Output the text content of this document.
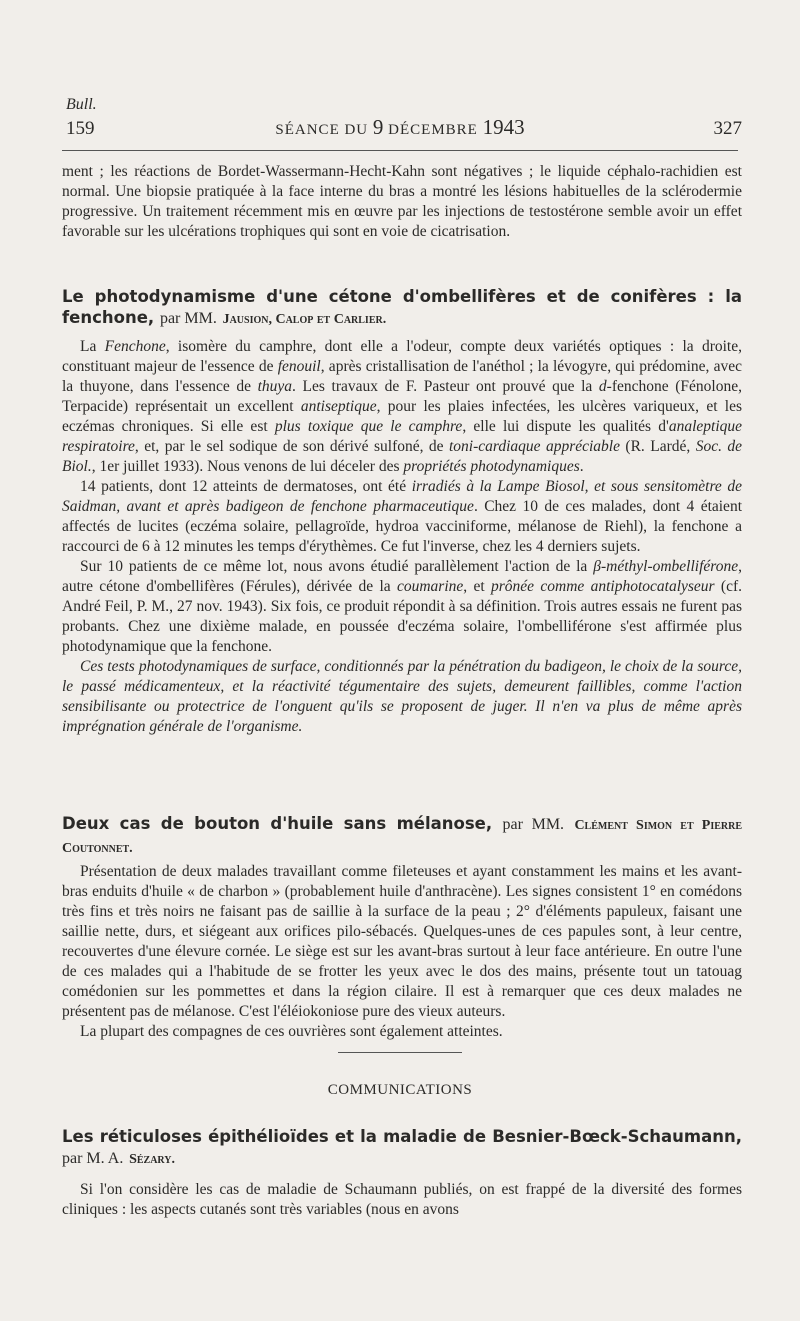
Bull.
159	SÉANCE DU 9 DÉCEMBRE 1943	327

ment ; les réactions de Bordet-Wassermann-Hecht-Kahn sont négatives ; le liquide céphalo-rachidien est normal. Une biopsie pratiquée à la face interne du bras a montré les lésions habituelles de la sclérodermie progressive. Un traitement récemment mis en œuvre par les injections de testostérone semble avoir un effet favorable sur les ulcérations trophiques qui sont en voie de cicatrisation.

Le photodynamisme d'une cétone d'ombellifères et de conifères : la fenchone, par MM. Jausion, Calop et Carlier.

La Fenchone, isomère du camphre, dont elle a l'odeur, compte deux variétés optiques : la droite, constituant majeur de l'essence de fenouil, après cristallisation de l'anéthol ; la lévogyre, qui prédomine, avec la thuyone, dans l'essence de thuya. Les travaux de F. Pasteur ont prouvé que la d-fenchone (Fénolone, Terpacide) représentait un excellent antiseptique, pour les plaies infectées, les ulcères variqueux, et les eczémas chroniques. Si elle est plus toxique que le camphre, elle lui dispute les qualités d'analeptique respiratoire, et, par le sel sodique de son dérivé sulfoné, de toni-cardiaque appréciable (R. Lardé, Soc. de Biol., 1er juillet 1933). Nous venons de lui déceler des propriétés photodynamiques.

14 patients, dont 12 atteints de dermatoses, ont été irradiés à la Lampe Biosol, et sous sensitomètre de Saidman, avant et après badigeon de fenchone pharmaceutique. Chez 10 de ces malades, dont 4 étaient affectés de lucites (eczéma solaire, pellagroïde, hydroa vacciniforme, mélanose de Riehl), la fenchone a raccourci de 6 à 12 minutes les temps d'érythèmes. Ce fut l'inverse, chez les 4 derniers sujets.

Sur 10 patients de ce même lot, nous avons étudié parallèlement l'action de la β-méthyl-ombelliférone, autre cétone d'ombellifères (Férules), dérivée de la coumarine, et prônée comme antiphotocatalyseur (cf. André Feil, P. M., 27 nov. 1943). Six fois, ce produit répondit à sa définition. Trois autres essais ne furent pas probants. Chez une dixième malade, en poussée d'eczéma solaire, l'ombelliférone s'est affirmée plus photodynamique que la fenchone.

Ces tests photodynamiques de surface, conditionnés par la pénétration du badigeon, le choix de la source, le passé médicamenteux, et la réactivité tégumentaire des sujets, demeurent faillibles, comme l'action sensibilisante ou protectrice de l'onguent qu'ils se proposent de juger. Il n'en va plus de même après imprégnation générale de l'organisme.

Deux cas de bouton d'huile sans mélanose, par MM. Clément Simon et Pierre Coutonnet.

Présentation de deux malades travaillant comme fileteuses et ayant constamment les mains et les avant-bras enduits d'huile « de charbon » (probablement huile d'anthracène). Les signes consistent 1° en comédons très fins et très noirs ne faisant pas de saillie à la surface de la peau ; 2° d'éléments papuleux, faisant une saillie nette, durs, et siégeant aux orifices pilo-sébacés. Quelques-unes de ces papules sont, à leur centre, recouvertes d'une élevure cornée. Le siège est sur les avant-bras surtout à leur face antérieure. En outre l'une de ces malades qui a l'habitude de se frotter les yeux avec le dos des mains, présente tout un tatouag comédonien sur les pommettes et dans la région cilaire. Il est à remarquer que ces deux malades ne présentent pas de mélanose. C'est l'éléiokoniose pure des vieux auteurs.

La plupart des compagnes de ces ouvrières sont également atteintes.

COMMUNICATIONS

Les réticuloses épithélioïdes et la maladie de Besnier-Bœck-Schaumann, par M. A. Sézary.

Si l'on considère les cas de maladie de Schaumann publiés, on est frappé de la diversité des formes cliniques : les aspects cutanés sont très variables (nous en avons
